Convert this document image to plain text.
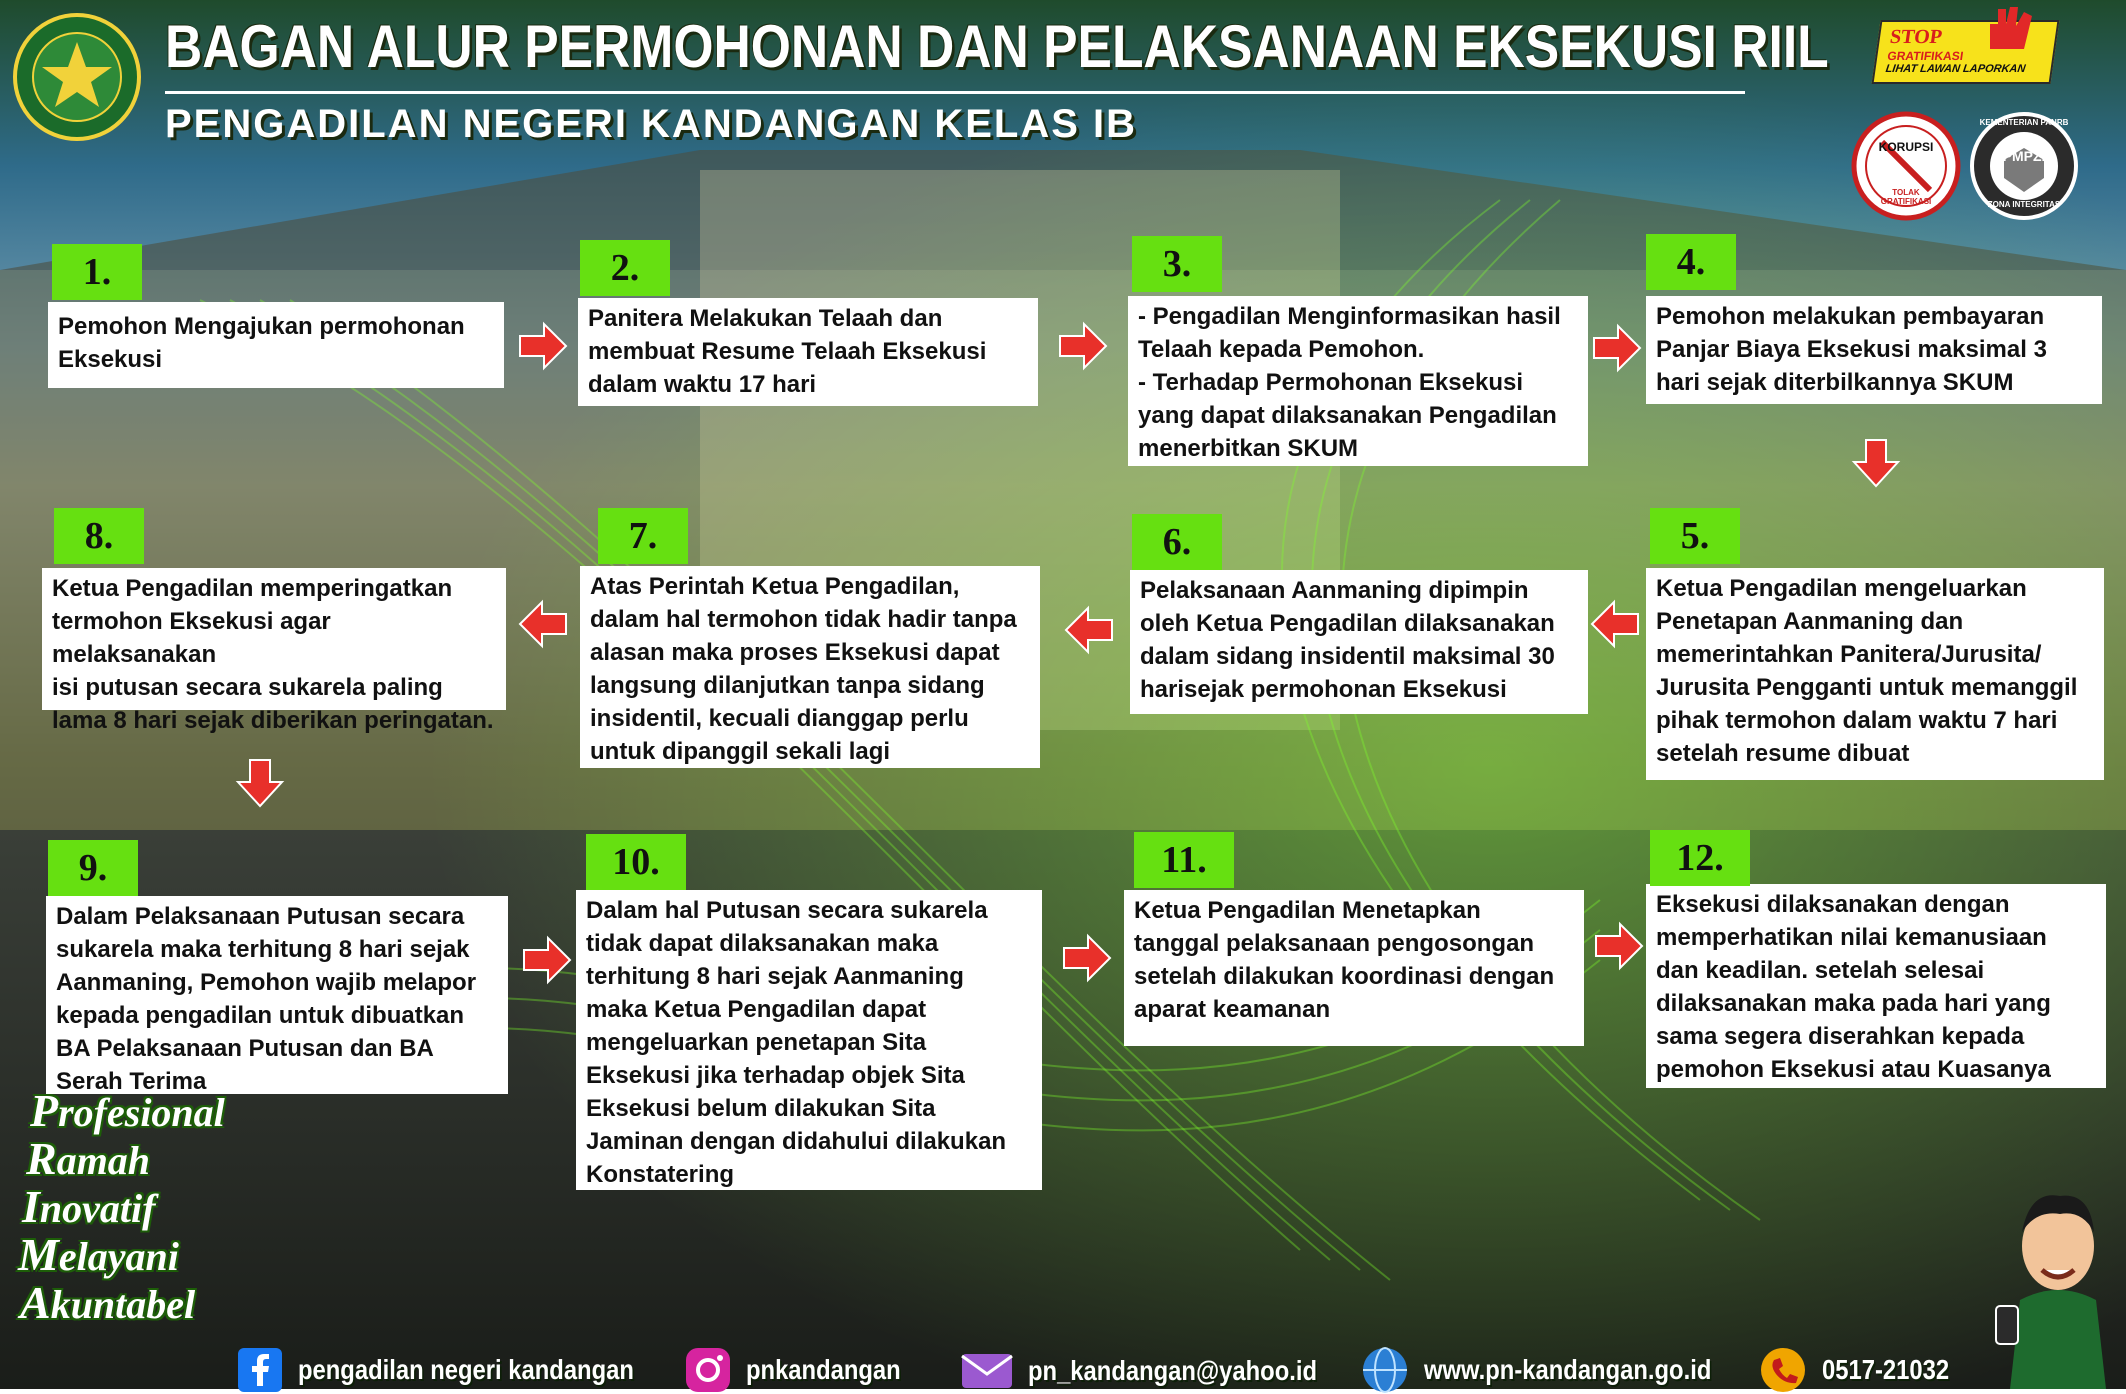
BAGAN ALUR PERMOHONAN DAN PELAKSANAAN EKSEKUSI RIIL
PENGADILAN NEGERI KANDANGAN KELAS IB
STOP
GRATIFIKASI
LIHAT LAWAN LAPORKAN
KORUPSI
TOLAK GRATIFIKASI
PMPZI
KEMENTERIAN PANRB
ZONA INTEGRITAS
1.	2.	3.	4.
5.
6.
7.
8.
9.	10.	11.	12.
Pemohon Mengajukan permohonan
Eksekusi
Panitera Melakukan Telaah dan
membuat Resume Telaah Eksekusi
dalam waktu 17 hari
- Pengadilan Menginformasikan hasil
Telaah kepada Pemohon.
- Terhadap Permohonan Eksekusi
yang dapat dilaksanakan Pengadilan
menerbitkan SKUM
Pemohon melakukan pembayaran
Panjar Biaya Eksekusi maksimal 3
hari sejak diterbilkannya SKUM
Ketua Pengadilan mengeluarkan
Penetapan Aanmaning dan
memerintahkan Panitera/Jurusita/
Jurusita Pengganti untuk memanggil
pihak termohon dalam waktu 7 hari
setelah resume dibuat
Pelaksanaan Aanmaning dipimpin
oleh Ketua Pengadilan dilaksanakan
dalam sidang insidentil maksimal 30
harisejak permohonan Eksekusi
Atas Perintah Ketua Pengadilan,
dalam hal termohon tidak hadir tanpa
alasan maka proses Eksekusi dapat
langsung dilanjutkan tanpa sidang
insidentil, kecuali dianggap perlu
untuk dipanggil sekali lagi
Ketua Pengadilan memperingatkan
termohon Eksekusi agar melaksanakan
isi putusan secara sukarela paling
lama 8 hari sejak diberikan peringatan.
Dalam Pelaksanaan Putusan secara
sukarela maka terhitung 8 hari sejak
Aanmaning, Pemohon wajib melapor
kepada pengadilan untuk dibuatkan
BA Pelaksanaan Putusan dan BA
Serah Terima
Dalam hal Putusan secara sukarela
tidak dapat dilaksanakan maka
terhitung 8 hari sejak Aanmaning
maka Ketua Pengadilan dapat
mengeluarkan penetapan Sita
Eksekusi jika terhadap objek Sita
Eksekusi belum dilakukan Sita
Jaminan dengan didahului dilakukan
Konstatering
Ketua Pengadilan Menetapkan
tanggal pelaksanaan pengosongan
setelah dilakukan koordinasi dengan
aparat keamanan
Eksekusi dilaksanakan dengan
memperhatikan nilai kemanusiaan
dan keadilan. setelah selesai
dilaksanakan maka pada hari yang
sama segera diserahkan kepada
pemohon Eksekusi atau Kuasanya
Profesional
Ramah
Inovatif
Melayani
Akuntabel
pengadilan negeri kandangan	pnkandangan	pn_kandangan@yahoo.id	www.pn-kandangan.go.id	0517-21032
